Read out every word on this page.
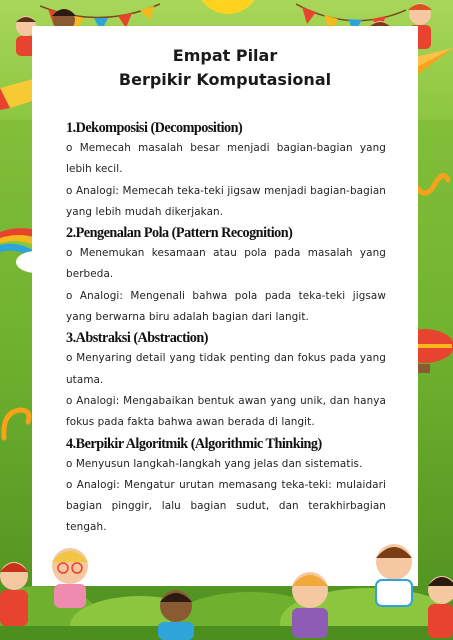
Empat Pilar
Berpikir Komputasional

1.Dekomposisi (Decomposition)

o Memecah masalah besar menjadi bagian-bagian yang lebih kecil.

o Analogi: Memecah teka-teki jigsaw menjadi bagian-bagian yang lebih mudah dikerjakan.

2.Pengenalan Pola (Pattern Recognition)

o Menemukan kesamaan atau pola pada masalah yang berbeda.

o Analogi: Mengenali bahwa pola pada teka-teki jigsaw yang berwarna biru adalah bagian dari langit.

3.Abstraksi (Abstraction)

o Menyaring detail yang tidak penting dan fokus pada yang utama.

o Analogi: Mengabaikan bentuk awan yang unik, dan hanya fokus pada fakta bahwa awan berada di langit.

4.Berpikir Algoritmik (Algorithmic Thinking)

o Menyusun langkah-langkah yang jelas dan sistematis.

o Analogi: Mengatur urutan memasang teka-teki: mulaidari bagian pinggir, lalu bagian sudut, dan terakhirbagian tengah.
